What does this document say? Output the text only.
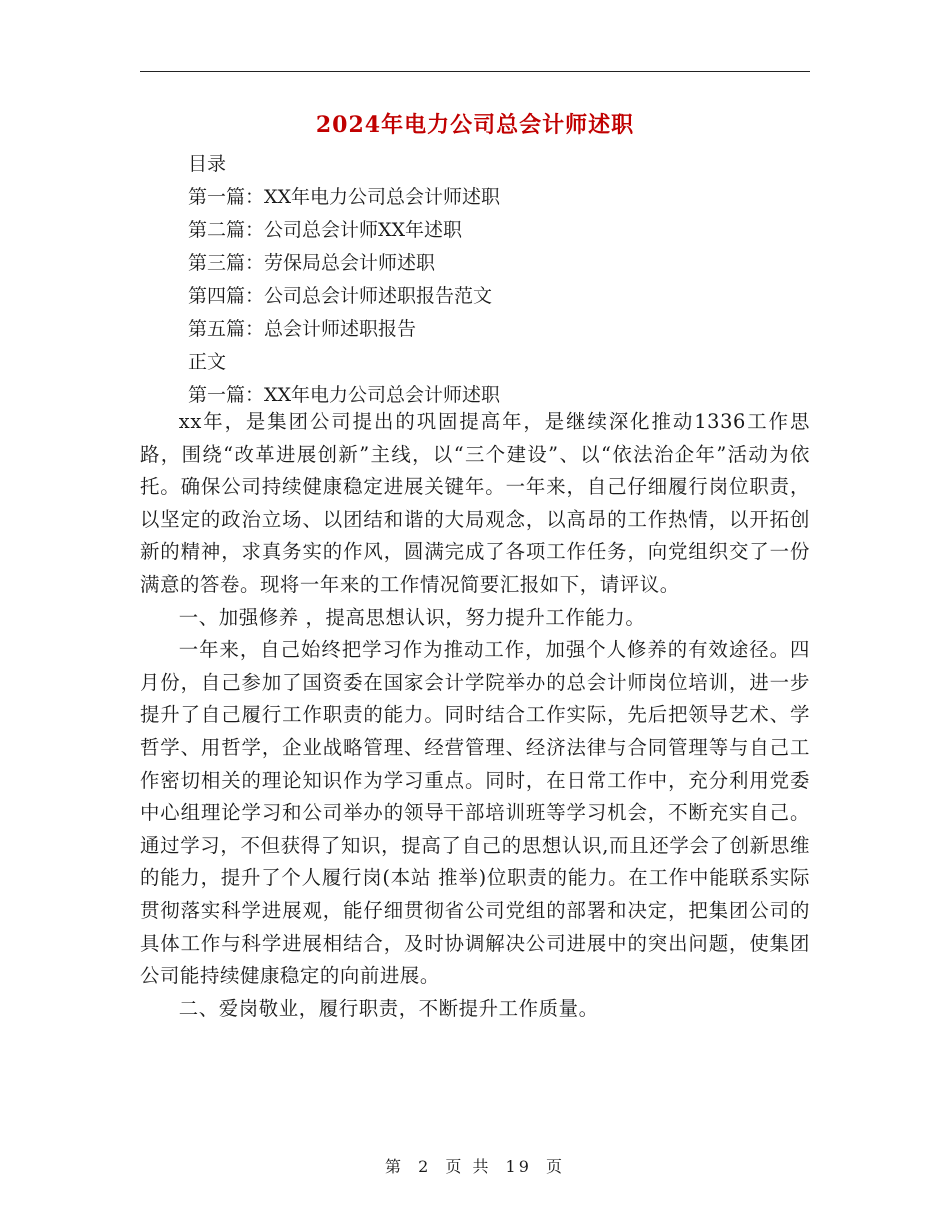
2024年电力公司总会计师述职
目录
第一篇：XX年电力公司总会计师述职
第二篇：公司总会计师XX年述职
第三篇：劳保局总会计师述职
第四篇：公司总会计师述职报告范文
第五篇：总会计师述职报告
正文
第一篇：XX年电力公司总会计师述职

xx年，是集团公司提出的巩固提高年，是继续深化推动1336工作思路，围绕“改革进展创新”主线，以“三个建设”、以“依法治企年”活动为依托。确保公司持续健康稳定进展关键年。一年来，自己仔细履行岗位职责，以坚定的政治立场、以团结和谐的大局观念，以高昂的工作热情，以开拓创新的精神，求真务实的作风，圆满完成了各项工作任务，向党组织交了一份满意的答卷。现将一年来的工作情况简要汇报如下，请评议。

一、加强修养 ，提高思想认识，努力提升工作能力。

一年来，自己始终把学习作为推动工作，加强个人修养的有效途径。四月份，自己参加了国资委在国家会计学院举办的总会计师岗位培训，进一步提升了自己履行工作职责的能力。同时结合工作实际，先后把领导艺术、学哲学、用哲学，企业战略管理、经营管理、经济法律与合同管理等与自己工作密切相关的理论知识作为学习重点。同时，在日常工作中，充分利用党委中心组理论学习和公司举办的领导干部培训班等学习机会，不断充实自己。通过学习，不但获得了知识，提高了自己的思想认识,而且还学会了创新思维的能力，提升了个人履行岗(本站 推举)位职责的能力。在工作中能联系实际贯彻落实科学进展观，能仔细贯彻省公司党组的部署和决定，把集团公司的具体工作与科学进展相结合，及时协调解决公司进展中的突出问题，使集团公司能持续健康稳定的向前进展。

二、爱岗敬业，履行职责，不断提升工作质量。

第 2 页 共 19 页
